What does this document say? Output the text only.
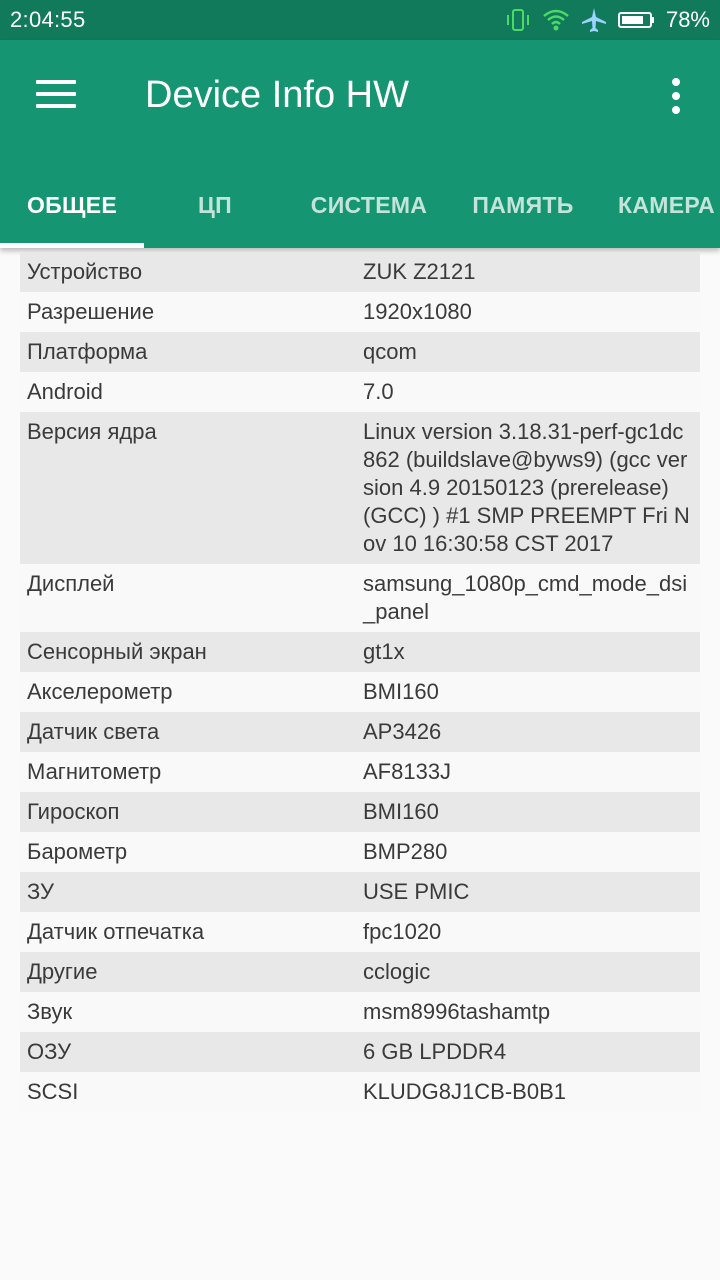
2:04:55	78%
Device Info HW
ОБЩЕЕ	ЦП	СИСТЕМА ПАМЯТЬ КАМЕРА
Устройство	ZUK Z2121
Разрешение	1920x1080
Платформа	qcom
Android	7.0
Версия ядра	Linux version 3.18.31-perf-gc1dc862 (buildslave@byws9) (gcc version 4.9 20150123 (prerelease) (GCC) ) #1 SMP PREEMPT Fri Nov 10 16:30:58 CST 2017
Дисплей	samsung_1080p_cmd_mode_dsi_panel
Сенсорный экран	gt1x
Акселерометр	BMI160
Датчик света	AP3426
Магнитометр	AF8133J
Гироскоп	BMI160
Барометр	BMP280
ЗУ	USE PMIC
Датчик отпечатка	fpc1020
Другие	cclogic
Звук	msm8996tashamtp
ОЗУ	6 GB LPDDR4
SCSI	KLUDG8J1CB-B0B1
